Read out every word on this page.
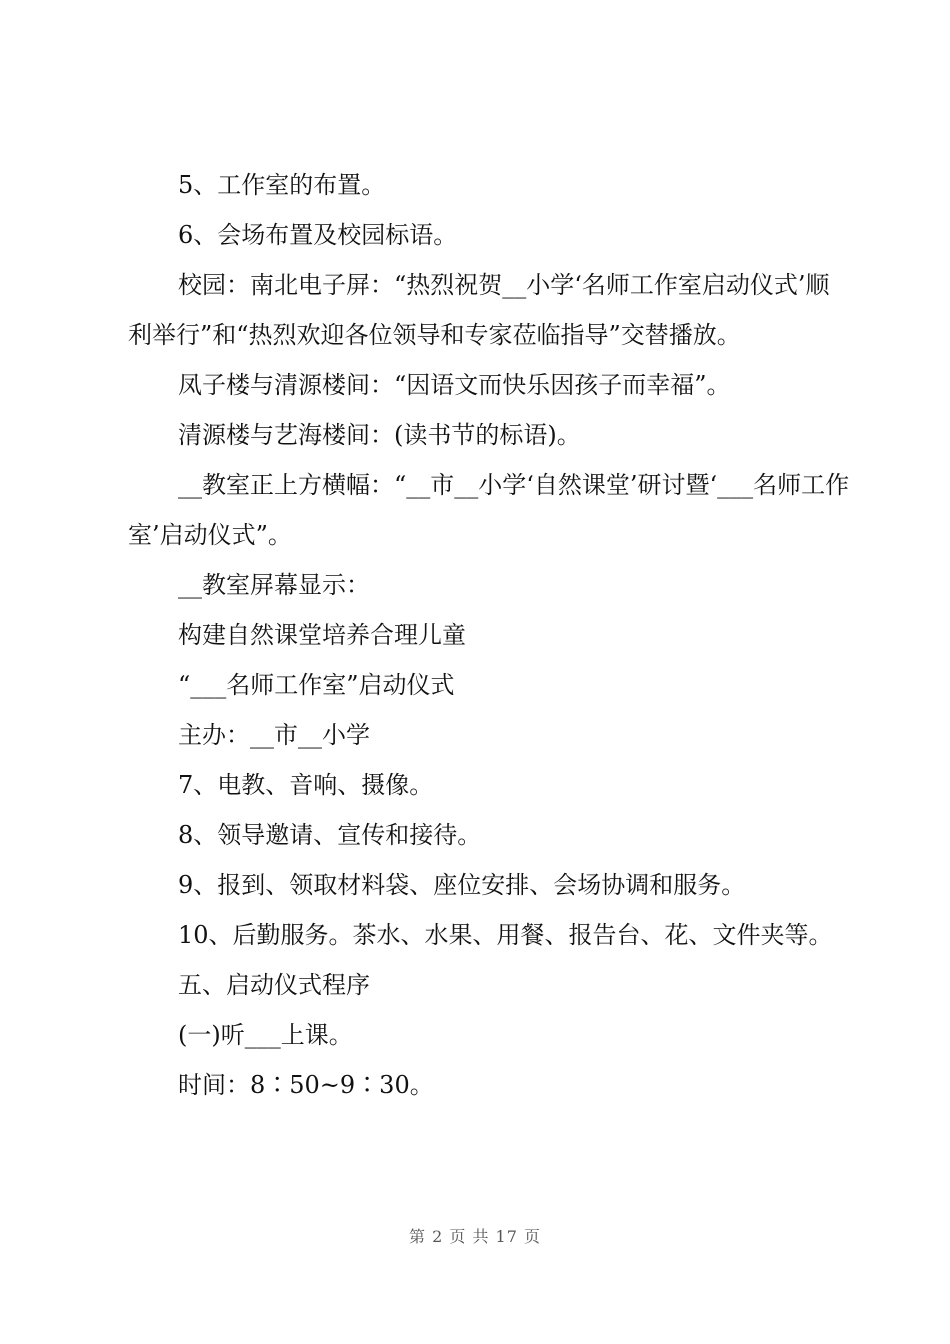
5、工作室的布置。

6、会场布置及校园标语。

校园：南北电子屏：“热烈祝贺__小学‘名师工作室启动仪式’顺利举行”和“热烈欢迎各位领导和专家莅临指导”交替播放。

凤子楼与清源楼间：“因语文而快乐因孩子而幸福”。

清源楼与艺海楼间：(读书节的标语)。

__教室正上方横幅：“__市__小学‘自然课堂’研讨暨‘___名师工作室’启动仪式”。

__教室屏幕显示：

构建自然课堂培养合理儿童

“___名师工作室”启动仪式

主办：__市__小学

7、电教、音响、摄像。

8、领导邀请、宣传和接待。

9、报到、领取材料袋、座位安排、会场协调和服务。

10、后勤服务。茶水、水果、用餐、报告台、花、文件夹等。

五、启动仪式程序

(一)听___上课。

时间：8∶50~9∶30。

第 2 页 共 17 页
